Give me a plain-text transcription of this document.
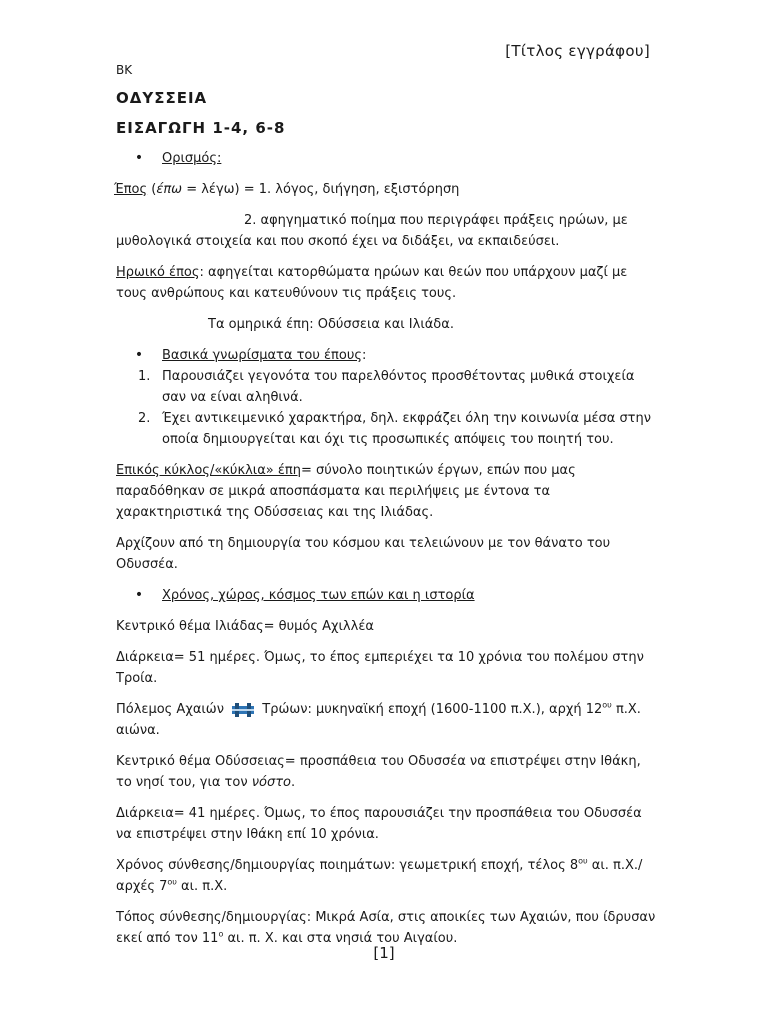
[Τίτλος εγγράφου]
ΒΚ
ΟΔΥΣΣΕΙΑ
ΕΙΣΑΓΩΓΗ 1-4, 6-8
•	Ορισμός:
Έπος (έπω = λέγω) = 1. λόγος, διήγηση, εξιστόρηση
2. αφηγηματικό ποίημα που περιγράφει πράξεις ηρώων, με
μυθολογικά στοιχεία και που σκοπό έχει να διδάξει, να εκπαιδεύσει.
Ηρωικό έπος: αφηγείται κατορθώματα ηρώων και θεών που υπάρχουν μαζί με τους ανθρώπους και κατευθύνουν τις πράξεις τους.
Τα ομηρικά έπη: Οδύσσεια και Ιλιάδα.
•	Βασικά γνωρίσματα του έπους:
1. Παρουσιάζει γεγονότα του παρελθόντος προσθέτοντας μυθικά στοιχεία σαν να είναι αληθινά.
2. Έχει αντικειμενικό χαρακτήρα, δηλ. εκφράζει όλη την κοινωνία μέσα στην οποία δημιουργείται και όχι τις προσωπικές απόψεις του ποιητή του.
Επικός κύκλος/«κύκλια» έπη= σύνολο ποιητικών έργων, επών που μας παραδόθηκαν σε μικρά αποσπάσματα και περιλήψεις με έντονα τα χαρακτηριστικά της Οδύσσειας και της Ιλιάδας.
Αρχίζουν από τη δημιουργία του κόσμου και τελειώνουν με τον θάνατο του Οδυσσέα.
•	Χρόνος, χώρος, κόσμος των επών και η ιστορία
Κεντρικό θέμα Ιλιάδας= θυμός Αχιλλέα
Διάρκεια= 51 ημέρες. Όμως, το έπος εμπεριέχει τα 10 χρόνια του πολέμου στην Τροία.
Πόλεμος Αχαιών	Τρώων: μυκηναϊκή εποχή (1600-1100 π.Χ.), αρχή $12^{o\upsilon}$ π.Χ. αιώνα.
Κεντρικό θέμα Οδύσσειας= προσπάθεια του Οδυσσέα να επιστρέψει στην Ιθάκη, το νησί του, για τον νόστο.
Διάρκεια= 41 ημέρες. Όμως, το έπος παρουσιάζει την προσπάθεια του Οδυσσέα να επιστρέψει στην Ιθάκη επί 10 χρόνια.
Χρόνος σύνθεσης/δημιουργίας ποιημάτων: γεωμετρική εποχή, τέλος $8^{o\upsilon}$ αι. π.Χ./αρχές $7^{o\upsilon}$ αι. π.Χ.
Τόπος σύνθεσης/δημιουργίας: Μικρά Ασία, στις αποικίες των Αχαιών, που ίδρυσαν εκεί από τον $11^o$ αι. π. Χ. και στα νησιά του Αιγαίου.
[1]
